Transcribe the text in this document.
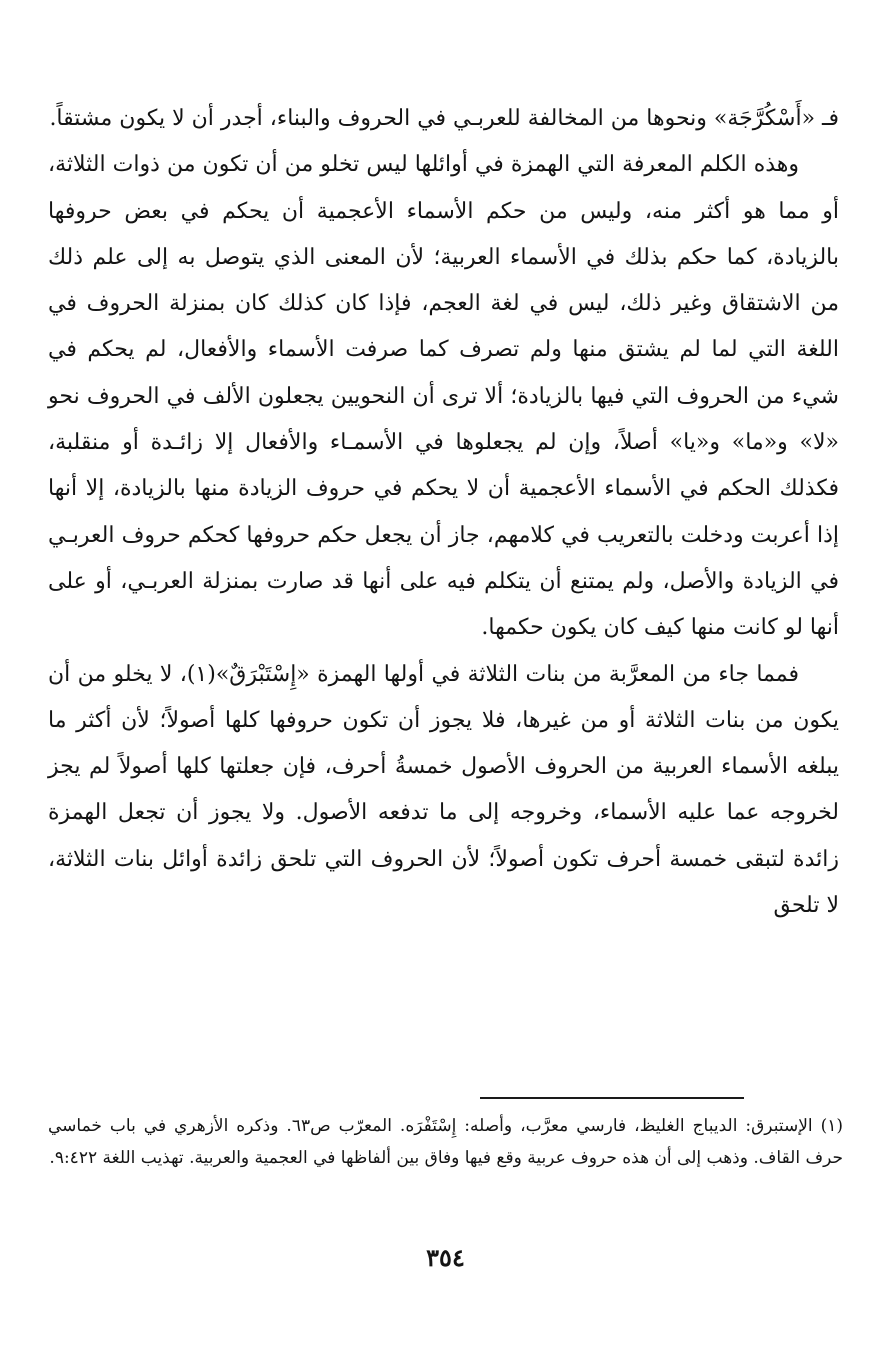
فـ «أَسْكُرَّجَة» ونحوها من المخالفة للعربـي في الحروف والبناء، أجدر أن لا يكون مشتقاً.

وهذه الكلم المعرفة التي الهمزة في أوائلها ليس تخلو من أن تكون من ذوات الثلاثة، أو مما هو أكثر منه، وليس من حكم الأسماء الأعجمية أن يحكم في بعض حروفها بالزيادة، كما حكم بذلك في الأسماء العربية؛ لأن المعنى الذي يتوصل به إلى علم ذلك من الاشتقاق وغير ذلك، ليس في لغة العجم، فإذا كان كذلك كان بمنزلة الحروف في اللغة التي لما لم يشتق منها ولم تصرف كما صرفت الأسماء والأفعال، لم يحكم في شيء من الحروف التي فيها بالزيادة؛ ألا ترى أن النحويين يجعلون الألف في الحروف نحو «لا» و«ما» و«يا» أصلاً، وإن لم يجعلوها في الأسمـاء والأفعال إلا زائـدة أو منقلبة، فكذلك الحكم في الأسماء الأعجمية أن لا يحكم في حروف الزيادة منها بالزيادة، إلا أنها إذا أعربت ودخلت بالتعريب في كلامهم، جاز أن يجعل حكم حروفها كحكم حروف العربـي في الزيادة والأصل، ولم يمتنع أن يتكلم فيه على أنها قد صارت بمنزلة العربـي، أو على أنها لو كانت منها كيف كان يكون حكمها.

فمما جاء من المعرَّبة من بنات الثلاثة في أولها الهمزة «إِسْتَبْرَقٌ»(١)، لا يخلو من أن يكون من بنات الثلاثة أو من غيرها، فلا يجوز أن تكون حروفها كلها أصولاً؛ لأن أكثر ما يبلغه الأسماء العربية من الحروف الأصول خمسةُ أحرف، فإن جعلتها كلها أصولاً لم يجز لخروجه عما عليه الأسماء، وخروجه إلى ما تدفعه الأصول. ولا يجوز أن تجعل الهمزة زائدة لتبقى خمسة أحرف تكون أصولاً؛ لأن الحروف التي تلحق زائدة أوائل بنات الثلاثة، لا تلحق

(١) الإستبرق: الديباج الغليظ، فارسي معرَّب، وأصله: إِسْتَفْرَه. المعرّب ص٦٣. وذكره الأزهري في باب خماسي حرف القاف. وذهب إلى أن هذه حروف عربية وقع فيها وفاق بين ألفاظها في العجمية والعربية. تهذيب اللغة ٩:٤٢٢.

٣٥٤
